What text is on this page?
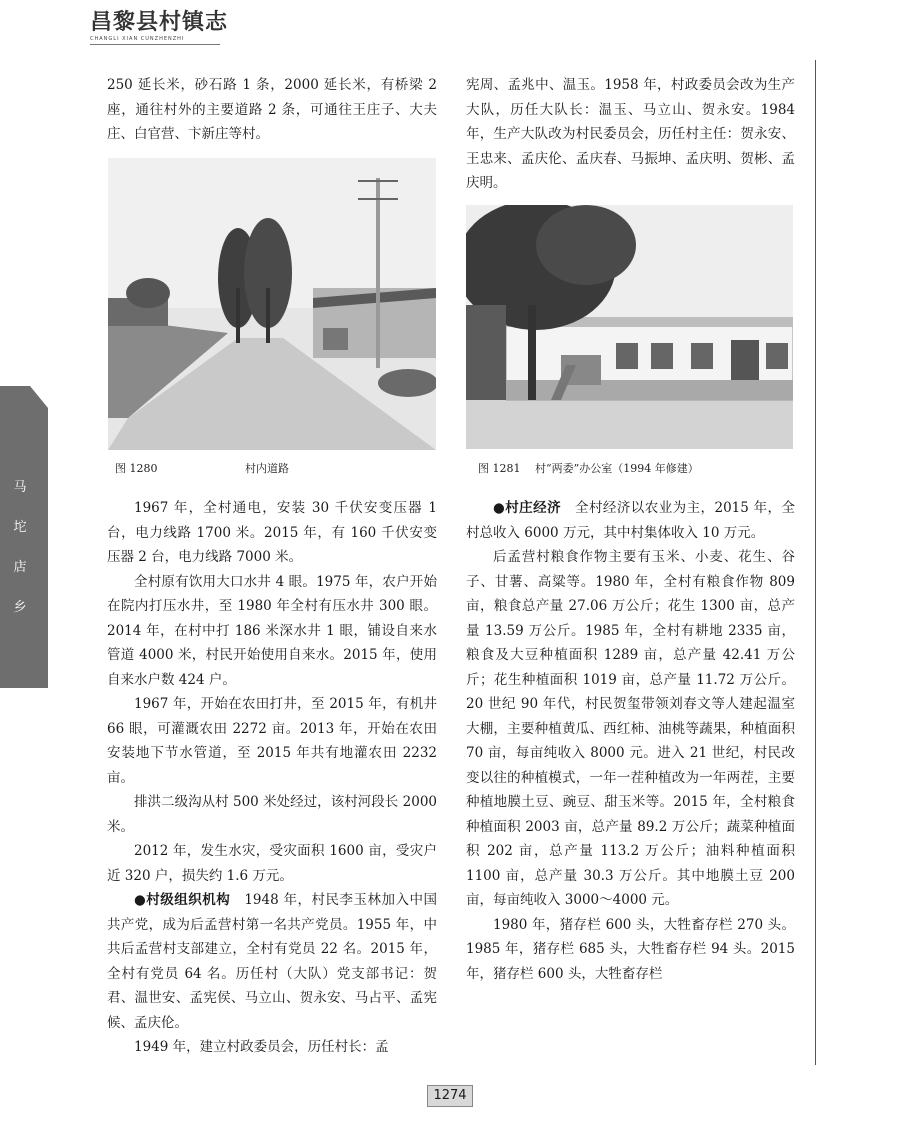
昌黎县村镇志
CHANGLI XIAN CUNZHENZHI
马
坨
店
乡

250 延长米，砂石路 1 条，2000 延长米，有桥梁 2 座，通往村外的主要道路 2 条，可通往王庄子、大夫庄、白官营、卞新庄等村。

图 1280	村内道路

1967 年，全村通电，安装 30 千伏安变压器 1 台，电力线路 1700 米。2015 年，有 160 千伏安变压器 2 台，电力线路 7000 米。

全村原有饮用大口水井 4 眼。1975 年，农户开始在院内打压水井，至 1980 年全村有压水井 300 眼。2014 年，在村中打 186 米深水井 1 眼，铺设自来水管道 4000 米，村民开始使用自来水。2015 年，使用自来水户数 424 户。

1967 年，开始在农田打井，至 2015 年，有机井 66 眼，可灌溉农田 2272 亩。2013 年，开始在农田安装地下节水管道，至 2015 年共有地灌农田 2232 亩。

排洪二级沟从村 500 米处经过，该村河段长 2000 米。

2012 年，发生水灾，受灾面积 1600 亩，受灾户近 320 户，损失约 1.6 万元。

●村级组织机构　 1948 年，村民李玉林加入中国共产党，成为后孟营村第一名共产党员。1955 年，中共后孟营村支部建立，全村有党员 22 名。2015 年，全村有党员 64 名。历任村（大队）党支部书记：贺君、温世安、孟宪侯、马立山、贺永安、马占平、孟宪候、孟庆伦。

1949 年，建立村政委员会，历任村长：孟

宪周、孟兆中、温玉。1958 年，村政委员会改为生产大队，历任大队长：温玉、马立山、贺永安。1984 年，生产大队改为村民委员会，历任村主任：贺永安、王忠来、孟庆伦、孟庆春、马振坤、孟庆明、贺彬、孟庆明。

图 1281　 村“两委”办公室（1994 年修建）

●村庄经济　 全村经济以农业为主，2015 年，全村总收入 6000 万元，其中村集体收入 10 万元。

后孟营村粮食作物主要有玉米、小麦、花生、谷子、甘薯、高粱等。1980 年，全村有粮食作物 809 亩，粮食总产量 27.06 万公斤；花生 1300 亩，总产量 13.59 万公斤。1985 年，全村有耕地 2335 亩，粮食及大豆种植面积 1289 亩，总产量 42.41 万公斤；花生种植面积 1019 亩，总产量 11.72 万公斤。20 世纪 90 年代，村民贺玺带领刘春文等人建起温室大棚，主要种植黄瓜、西红柿、油桃等蔬果，种植面积 70 亩，每亩纯收入 8000 元。进入 21 世纪，村民改变以往的种植模式，一年一茬种植改为一年两茬，主要种植地膜土豆、豌豆、甜玉米等。2015 年，全村粮食种植面积 2003 亩，总产量 89.2 万公斤；蔬菜种植面积 202 亩，总产量 113.2 万公斤；油料种植面积 1100 亩，总产量 30.3 万公斤。其中地膜土豆 200 亩，每亩纯收入 3000～4000 元。

1980 年，猪存栏 600 头，大牲畜存栏 270 头。1985 年，猪存栏 685 头，大牲畜存栏 94 头。2015 年，猪存栏 600 头，大牲畜存栏

1274
